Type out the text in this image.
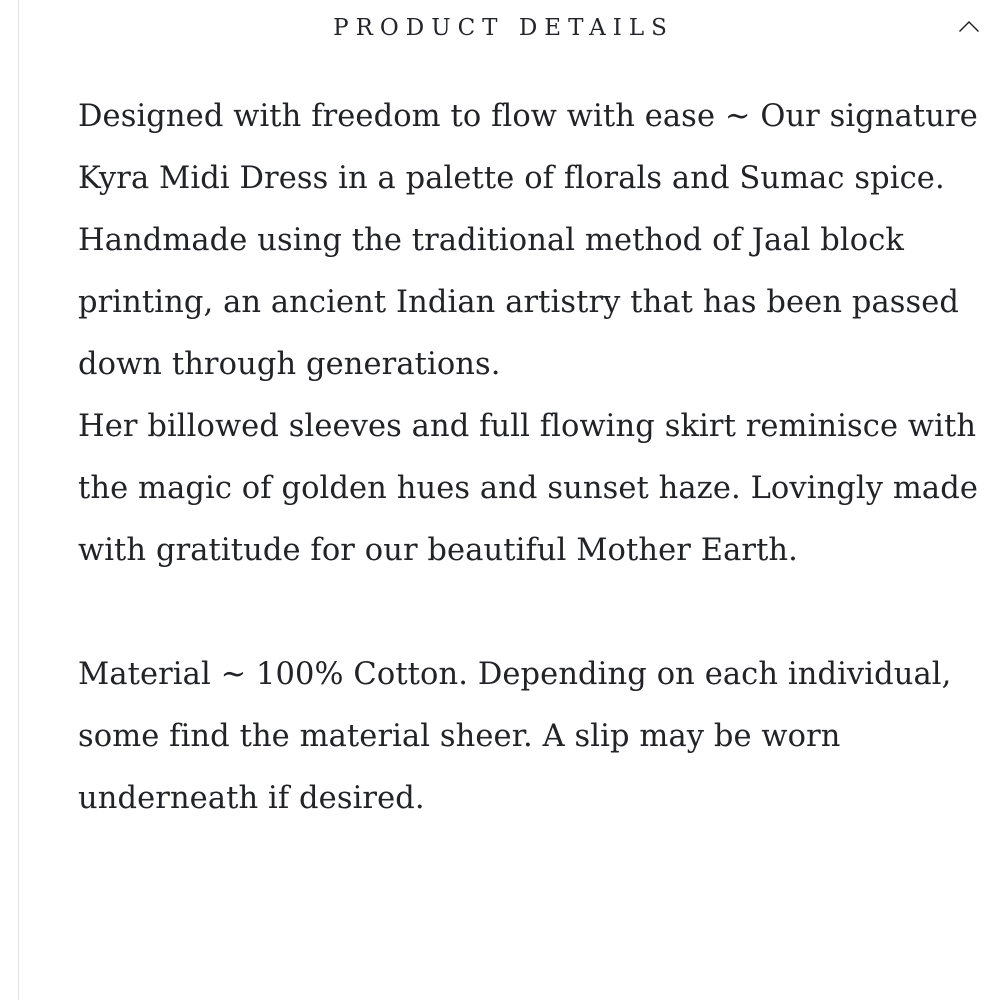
PRODUCT DETAILS

Designed with freedom to flow with ease ~ Our signature Kyra Midi Dress in a palette of florals and Sumac spice. Handmade using the traditional method of Jaal block printing, an ancient Indian artistry that has been passed down through generations.

Her billowed sleeves and full flowing skirt reminisce with the magic of golden hues and sunset haze. Lovingly made with gratitude for our beautiful Mother Earth.

Material ~ 100% Cotton. Depending on each individual, some find the material sheer. A slip may be worn underneath if desired.
